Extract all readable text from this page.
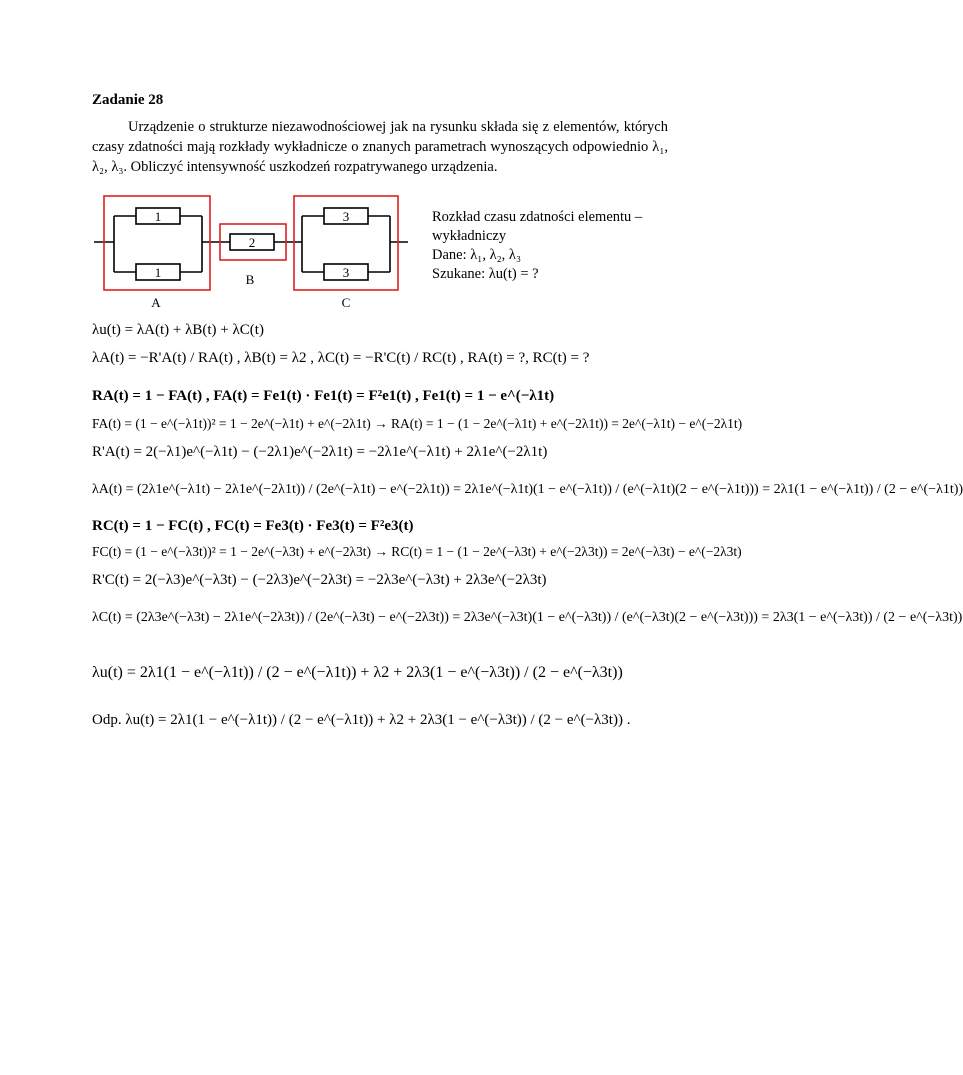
Zadanie 28
Urządzenie o strukturze niezawodnościowej jak na rysunku składa się z elementów, których czasy zdatności mają rozkłady wykładnicze o znanych parametrach wynoszących odpowiednio λ₁, λ₂, λ₃. Obliczyć intensywność uszkodzeń rozpatrywanego urządzenia.
1
1
2
3
3
A
B
C
Rozkład czasu zdatności elementu –
wykładniczy
Dane: λ₁, λ₂, λ₃
Szukane: λu(t) = ?
λu(t) = λA(t) + λB(t) + λC(t)
λA(t) = −R'A(t) / RA(t) , λB(t) = λ2 , λC(t) = −R'C(t) / RC(t) , RA(t) = ?, RC(t) = ?
RA(t) = 1 − FA(t) , FA(t) = Fe1(t) · Fe1(t) = F²e1(t) , Fe1(t) = 1 − e^(−λ1t)
FA(t) = (1 − e^(−λ1t))² = 1 − 2e^(−λ1t) + e^(−2λ1t) → RA(t) = 1 − (1 − 2e^(−λ1t) + e^(−2λ1t)) = 2e^(−λ1t) − e^(−2λ1t)
R'A(t) = 2(−λ1)e^(−λ1t) − (−2λ1)e^(−2λ1t) = −2λ1e^(−λ1t) + 2λ1e^(−2λ1t)
λA(t) = (2λ1e^(−λ1t) − 2λ1e^(−2λ1t)) / (2e^(−λ1t) − e^(−2λ1t)) = 2λ1e^(−λ1t)(1 − e^(−λ1t)) / (e^(−λ1t)(2 − e^(−λ1t))) = 2λ1(1 − e^(−λ1t)) / (2 − e^(−λ1t))
RC(t) = 1 − FC(t) , FC(t) = Fe3(t) · Fe3(t) = F²e3(t)
FC(t) = (1 − e^(−λ3t))² = 1 − 2e^(−λ3t) + e^(−2λ3t) → RC(t) = 1 − (1 − 2e^(−λ3t) + e^(−2λ3t)) = 2e^(−λ3t) − e^(−2λ3t)
R'C(t) = 2(−λ3)e^(−λ3t) − (−2λ3)e^(−2λ3t) = −2λ3e^(−λ3t) + 2λ3e^(−2λ3t)
λC(t) = (2λ3e^(−λ3t) − 2λ1e^(−2λ3t)) / (2e^(−λ3t) − e^(−2λ3t)) = 2λ3e^(−λ3t)(1 − e^(−λ3t)) / (e^(−λ3t)(2 − e^(−λ3t))) = 2λ3(1 − e^(−λ3t)) / (2 − e^(−λ3t))
λu(t) = 2λ1(1 − e^(−λ1t)) / (2 − e^(−λ1t)) + λ2 + 2λ3(1 − e^(−λ3t)) / (2 − e^(−λ3t))
Odp. λu(t) = 2λ1(1 − e^(−λ1t)) / (2 − e^(−λ1t)) + λ2 + 2λ3(1 − e^(−λ3t)) / (2 − e^(−λ3t)) .
